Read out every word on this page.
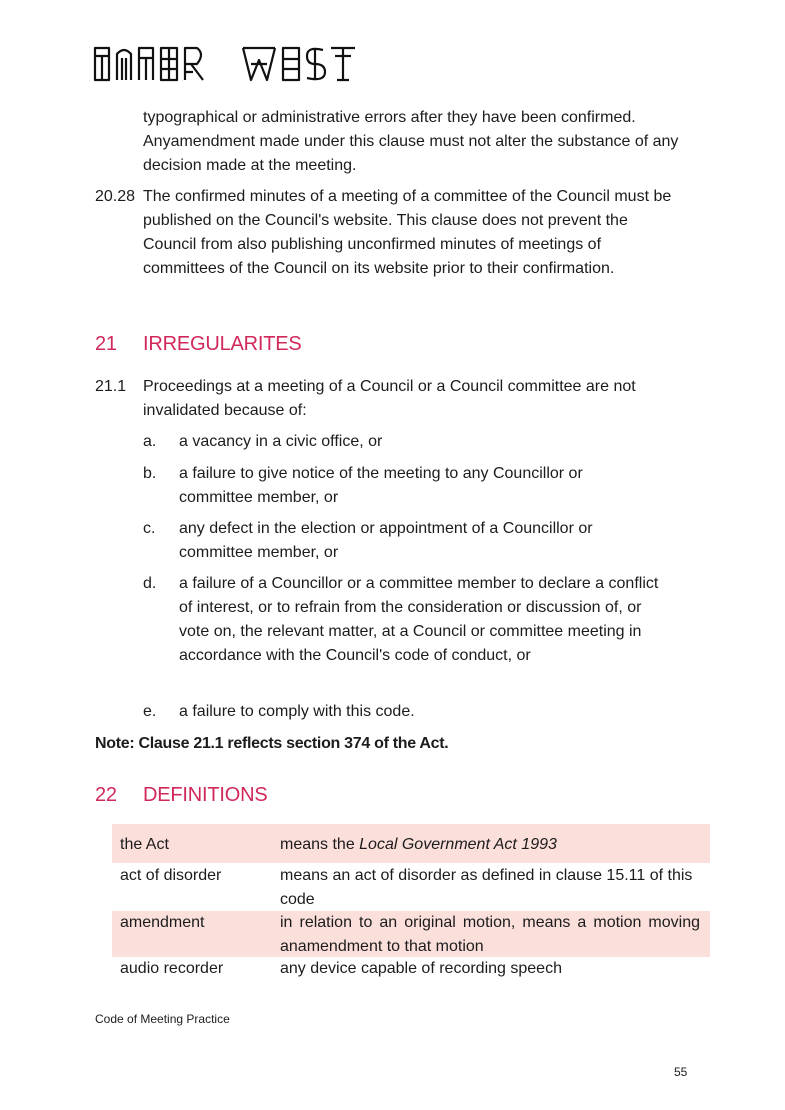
typographical or administrative errors after they have been confirmed. Anyamendment made under this clause must not alter the substance of any decision made at the meeting.
20.28 The confirmed minutes of a meeting of a committee of the Council must be published on the Council's website. This clause does not prevent the Council from also publishing unconfirmed minutes of meetings of committees of the Council on its website prior to their confirmation.
21 IRREGULARITES
21.1 Proceedings at a meeting of a Council or a Council committee are not invalidated because of:
a. a vacancy in a civic office, or
b. a failure to give notice of the meeting to any Councillor or committee member, or
c. any defect in the election or appointment of a Councillor or committee member, or
d. a failure of a Councillor or a committee member to declare a conflict of interest, or to refrain from the consideration or discussion of, or vote on, the relevant matter, at a Council or committee meeting in accordance with the Council's code of conduct, or
e. a failure to comply with this code.
Note: Clause 21.1 reflects section 374 of the Act.
22 DEFINITIONS
the Act	means the Local Government Act 1993
act of disorder	means an act of disorder as defined in clause 15.11 of this code
amendment	in relation to an original motion, means a motion moving anamendment to that motion
audio recorder	any device capable of recording speech
Code of Meeting Practice
55
